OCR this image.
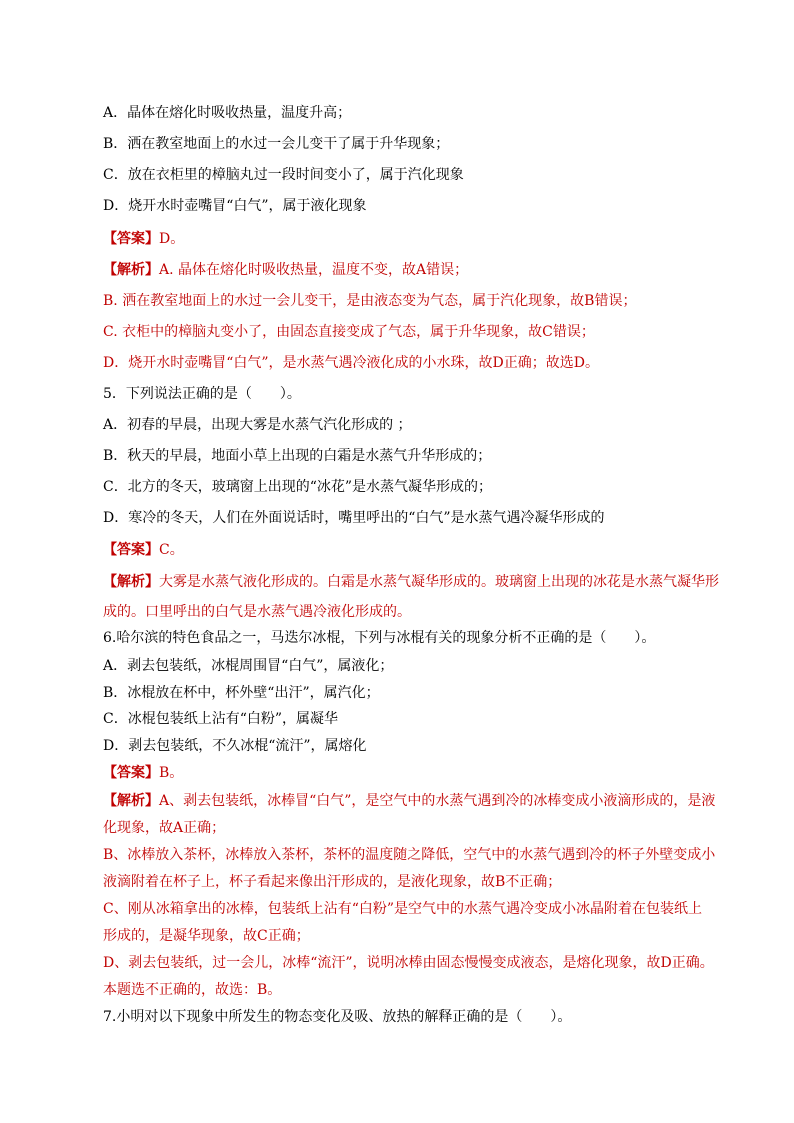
A．晶体在熔化时吸收热量，温度升高；
B．洒在教室地面上的水过一会儿变干了属于升华现象；
C．放在衣柜里的樟脑丸过一段时间变小了，属于汽化现象
D．烧开水时壶嘴冒“白气”，属于液化现象
【答案】D。
【解析】A. 晶体在熔化时吸收热量，温度不变，故A错误；
B. 洒在教室地面上的水过一会儿变干，是由液态变为气态，属于汽化现象，故B错误；
C. 衣柜中的樟脑丸变小了，由固态直接变成了气态，属于升华现象，故C错误；
D．烧开水时壶嘴冒“白气”，是水蒸气遇冷液化成的小水珠，故D正确；故选D。
5．下列说法正确的是（　　）。
A．初春的早晨，出现大雾是水蒸气汽化形成的 ；
B．秋天的早晨，地面小草上出现的白霜是水蒸气升华形成的；
C．北方的冬天，玻璃窗上出现的“冰花”是水蒸气凝华形成的；
D．寒冷的冬天，人们在外面说话时，嘴里呼出的“白气”是水蒸气遇冷凝华形成的
【答案】C。
【解析】大雾是水蒸气液化形成的。白霜是水蒸气凝华形成的。玻璃窗上出现的冰花是水蒸气凝华形
成的。口里呼出的白气是水蒸气遇冷液化形成的。
6.哈尔滨的特色食品之一，马迭尔冰棍，下列与冰棍有关的现象分析不正确的是（　　）。
A．剥去包装纸，冰棍周围冒“白气”，属液化；
B．冰棍放在杯中，杯外壁“出汗”，属汽化；
C．冰棍包装纸上沾有“白粉”，属凝华
D．剥去包装纸，不久冰棍“流汗”，属熔化
【答案】B。
【解析】A、剥去包装纸，冰棒冒“白气”，是空气中的水蒸气遇到冷的冰棒变成小液滴形成的，是液
化现象，故A正确；
B、冰棒放入茶杯，冰棒放入茶杯，茶杯的温度随之降低，空气中的水蒸气遇到冷的杯子外壁变成小
液滴附着在杯子上，杯子看起来像出汗形成的，是液化现象，故B不正确；
C、刚从冰箱拿出的冰棒，包装纸上沾有“白粉”是空气中的水蒸气遇冷变成小冰晶附着在包装纸上
形成的，是凝华现象，故C正确；
D、剥去包装纸，过一会儿，冰棒“流汗”，说明冰棒由固态慢慢变成液态，是熔化现象，故D正确。
本题选不正确的，故选：B。
7.小明对以下现象中所发生的物态变化及吸、放热的解释正确的是（　　）。
